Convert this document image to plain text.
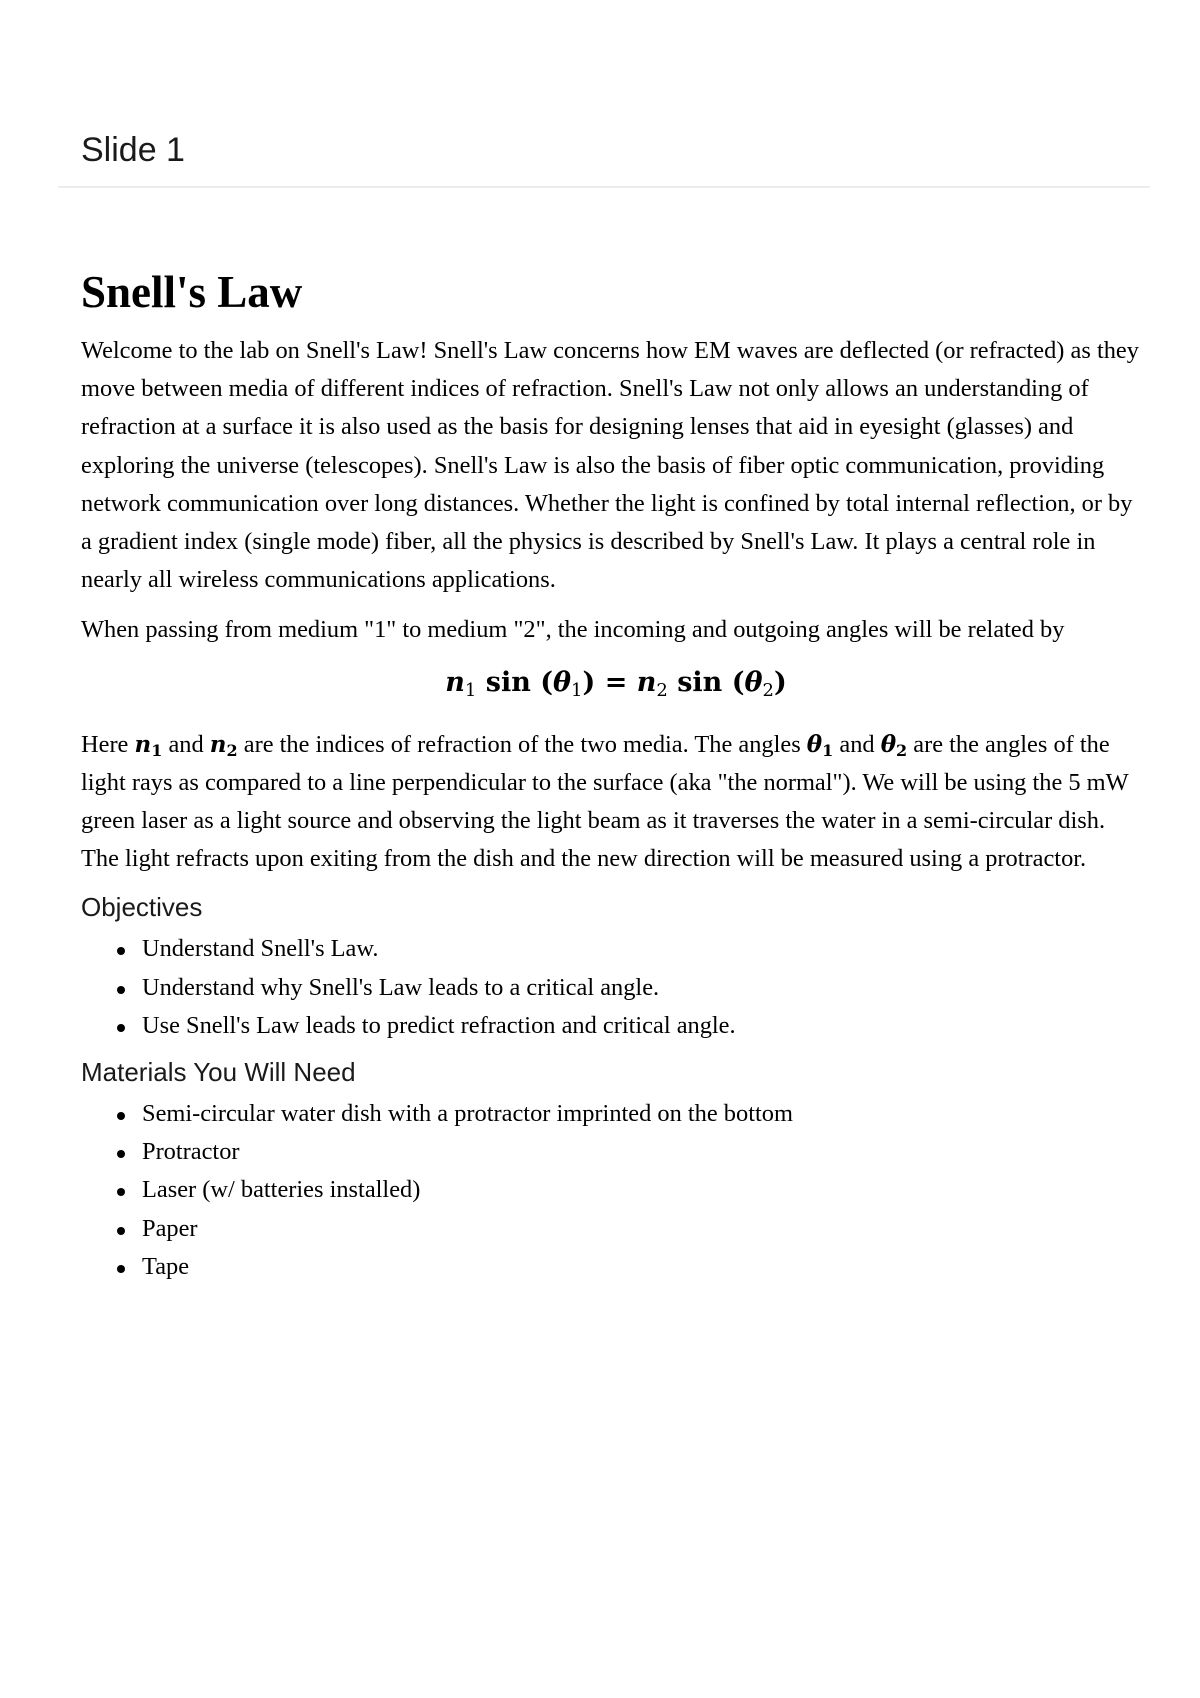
Slide 1
Snell's Law

Welcome to the lab on Snell's Law! Snell's Law concerns how EM waves are deflected (or refracted) as they move between media of different indices of refraction. Snell's Law not only allows an understanding of refraction at a surface it is also used as the basis for designing lenses that aid in eyesight (glasses) and exploring the universe (telescopes). Snell's Law is also the basis of fiber optic communication, providing network communication over long distances. Whether the light is confined by total internal reflection, or by a gradient index (single mode) fiber, all the physics is described by Snell's Law. It plays a central role in nearly all wireless communications applications.

When passing from medium "1" to medium "2", the incoming and outgoing angles will be related by

$n_1$ $\sin (\theta_1) = n_2$ $\sin (\theta_2)$

Here $n_1$ and $n_2$ are the indices of refraction of the two media. The angles $\theta_1$ and $\theta_2$ are the angles of the light rays as compared to a line perpendicular to the surface (aka "the normal"). We will be using the 5 mW green laser as a light source and observing the light beam as it traverses the water in a semi-circular dish. The light refracts upon exiting from the dish and the new direction will be measured using a protractor.

Objectives
Understand Snell's Law.
Understand why Snell's Law leads to a critical angle.
Use Snell's Law leads to predict refraction and critical angle.
Materials You Will Need
Semi-circular water dish with a protractor imprinted on the bottom
Protractor
Laser (w/ batteries installed)
Paper
Tape
